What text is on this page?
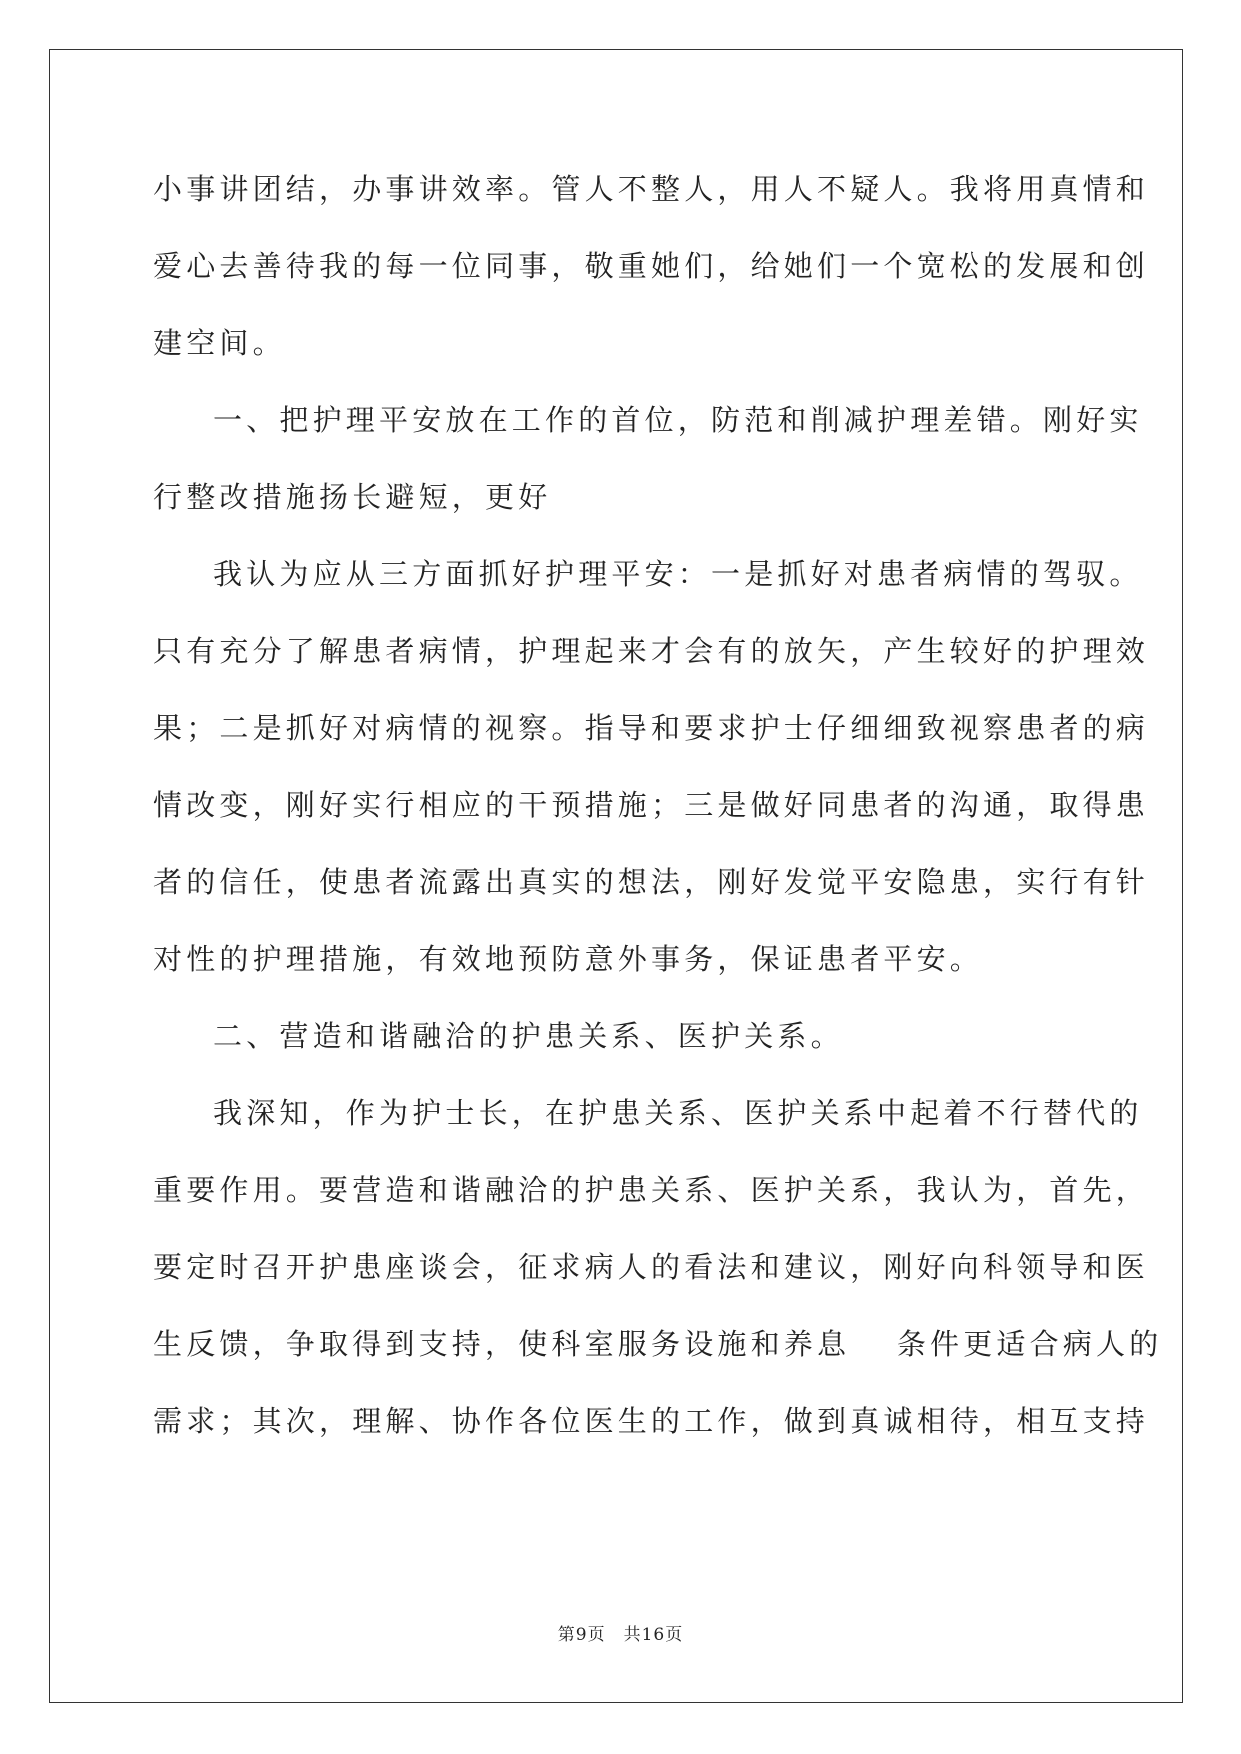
小事讲团结，办事讲效率。管人不整人，用人不疑人。我将用真情和
爱心去善待我的每一位同事，敬重她们，给她们一个宽松的发展和创
建空间。
一、把护理平安放在工作的首位，防范和削减护理差错。刚好实
行整改措施扬长避短，更好
我认为应从三方面抓好护理平安：一是抓好对患者病情的驾驭。
只有充分了解患者病情，护理起来才会有的放矢，产生较好的护理效
果；二是抓好对病情的视察。指导和要求护士仔细细致视察患者的病
情改变，刚好实行相应的干预措施；三是做好同患者的沟通，取得患
者的信任，使患者流露出真实的想法，刚好发觉平安隐患，实行有针
对性的护理措施，有效地预防意外事务，保证患者平安。
二、营造和谐融洽的护患关系、医护关系。
我深知，作为护士长，在护患关系、医护关系中起着不行替代的
重要作用。要营造和谐融洽的护患关系、医护关系，我认为，首先，
要定时召开护患座谈会，征求病人的看法和建议，刚好向科领导和医
生反馈，争取得到支持，使科室服务设施和养息　 条件更适合病人的
需求；其次，理解、协作各位医生的工作，做到真诚相待，相互支持
第9页　共16页
